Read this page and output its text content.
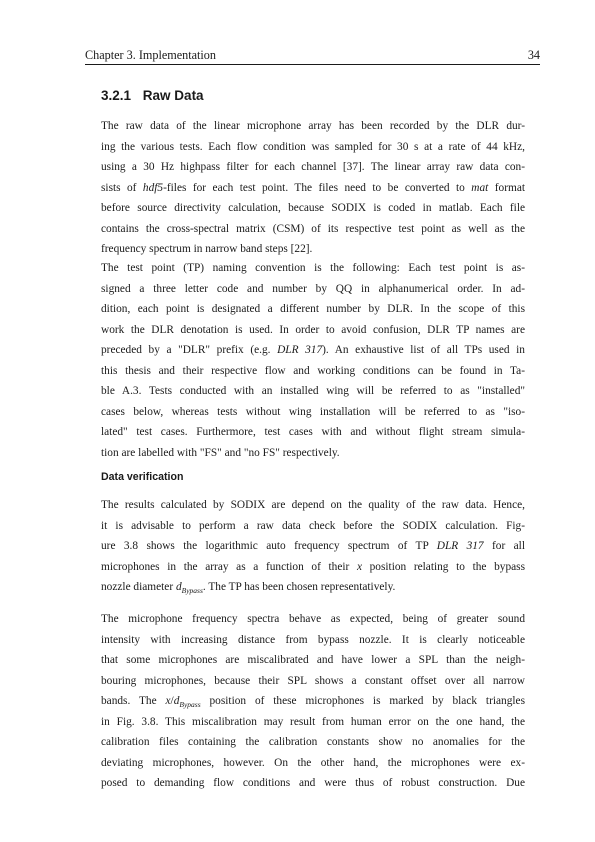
Chapter 3. Implementation	34
3.2.1 Raw Data
The raw data of the linear microphone array has been recorded by the DLR dur-
ing the various tests. Each flow condition was sampled for 30 s at a rate of 44 kHz,
using a 30 Hz highpass filter for each channel [37]. The linear array raw data con-
sists of hdf5-files for each test point. The files need to be converted to mat format
before source directivity calculation, because SODIX is coded in matlab. Each file
contains the cross-spectral matrix (CSM) of its respective test point as well as the
frequency spectrum in narrow band steps [22].
The test point (TP) naming convention is the following: Each test point is as-
signed a three letter code and number by QQ in alphanumerical order. In ad-
dition, each point is designated a different number by DLR. In the scope of this
work the DLR denotation is used. In order to avoid confusion, DLR TP names are
preceded by a "DLR" prefix (e.g. DLR 317). An exhaustive list of all TPs used in
this thesis and their respective flow and working conditions can be found in Ta-
ble A.3. Tests conducted with an installed wing will be referred to as "installed"
cases below, whereas tests without wing installation will be referred to as "iso-
lated" test cases. Furthermore, test cases with and without flight stream simula-
tion are labelled with "FS" and "no FS" respectively.
Data verification
The results calculated by SODIX are depend on the quality of the raw data. Hence,
it is advisable to perform a raw data check before the SODIX calculation. Fig-
ure 3.8 shows the logarithmic auto frequency spectrum of TP DLR 317 for all
microphones in the array as a function of their x position relating to the bypass
nozzle diameter $d_{Bypass}$. The TP has been chosen representatively.
The microphone frequency spectra behave as expected, being of greater sound
intensity with increasing distance from bypass nozzle. It is clearly noticeable
that some microphones are miscalibrated and have lower a SPL than the neigh-
bouring microphones, because their SPL shows a constant offset over all narrow
bands. The $x/d_{Bypass}$ position of these microphones is marked by black triangles
in Fig. 3.8. This miscalibration may result from human error on the one hand, the
calibration files containing the calibration constants show no anomalies for the
deviating microphones, however. On the other hand, the microphones were ex-
posed to demanding flow conditions and were thus of robust construction. Due
